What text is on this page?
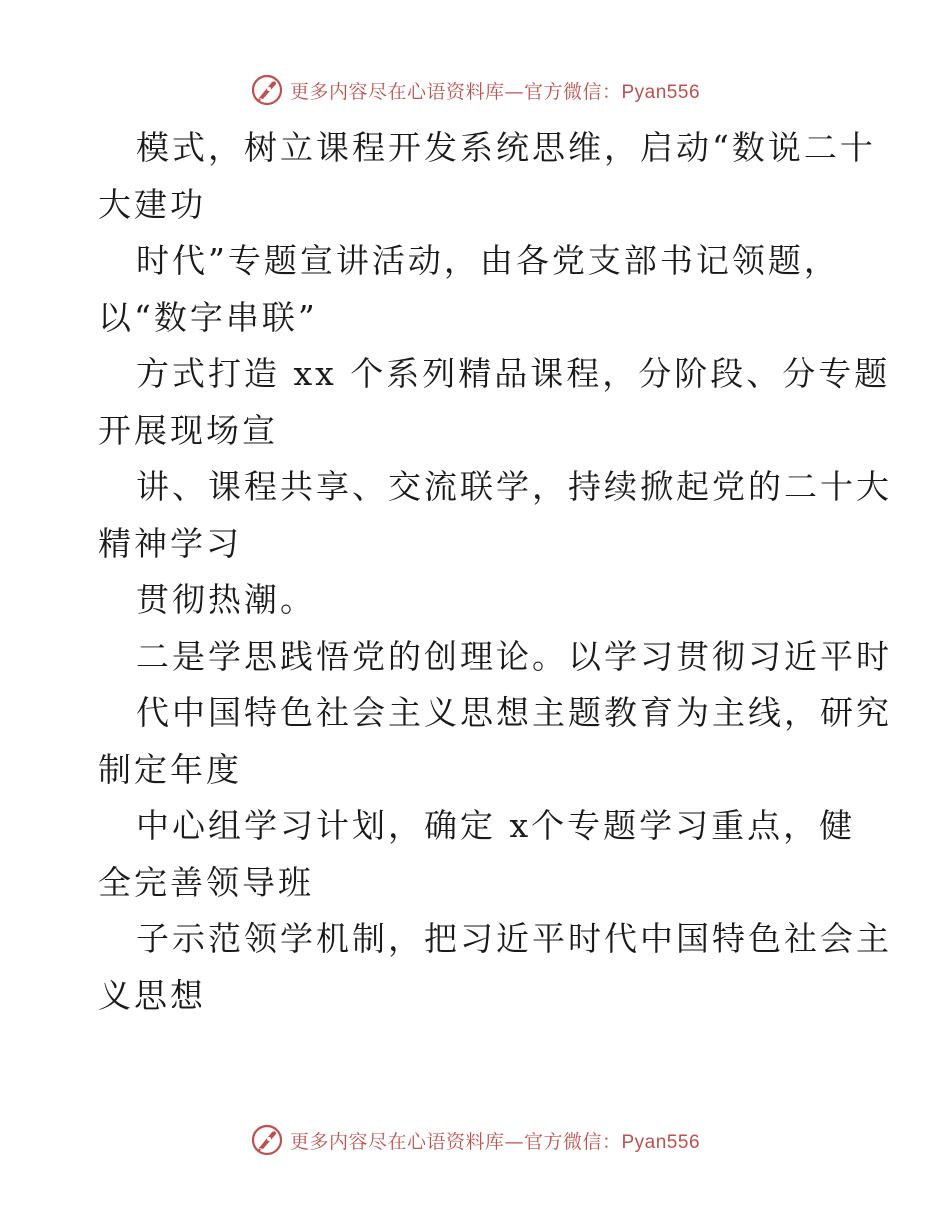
更多内容尽在心语资料库—官方微信：Pyan556
模式，树立课程开发系统思维，启动“数说二十
大建功
时代”专题宣讲活动，由各党支部书记领题，
以“数字串联”
方式打造 xx 个系列精品课程，分阶段、分专题
开展现场宣
讲、课程共享、交流联学，持续掀起党的二十大
精神学习
贯彻热潮。
二是学思践悟党的创理论。以学习贯彻习近平时
代中国特色社会主义思想主题教育为主线，研究
制定年度
中心组学习计划，确定 x个专题学习重点，健
全完善领导班
子示范领学机制，把习近平时代中国特色社会主
义思想
更多内容尽在心语资料库—官方微信：Pyan556
